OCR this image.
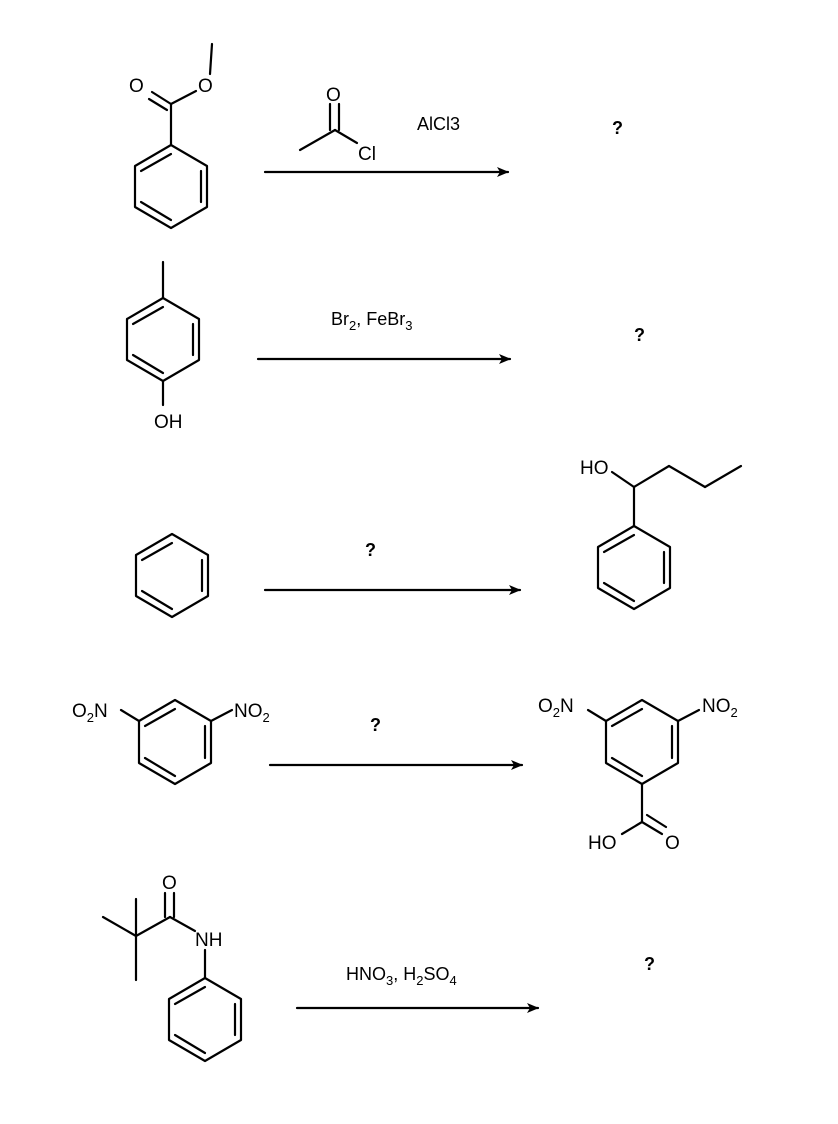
O	O	O
Cl
AlCl3	?
OH
$Br_2$, FeBr$_3$	?
?
HO
$O_2N$	$NO_2$	?
$O_2N$	$NO_2$
HO	O
O
NH
$HNO_3$, $H_2SO_4$
?
